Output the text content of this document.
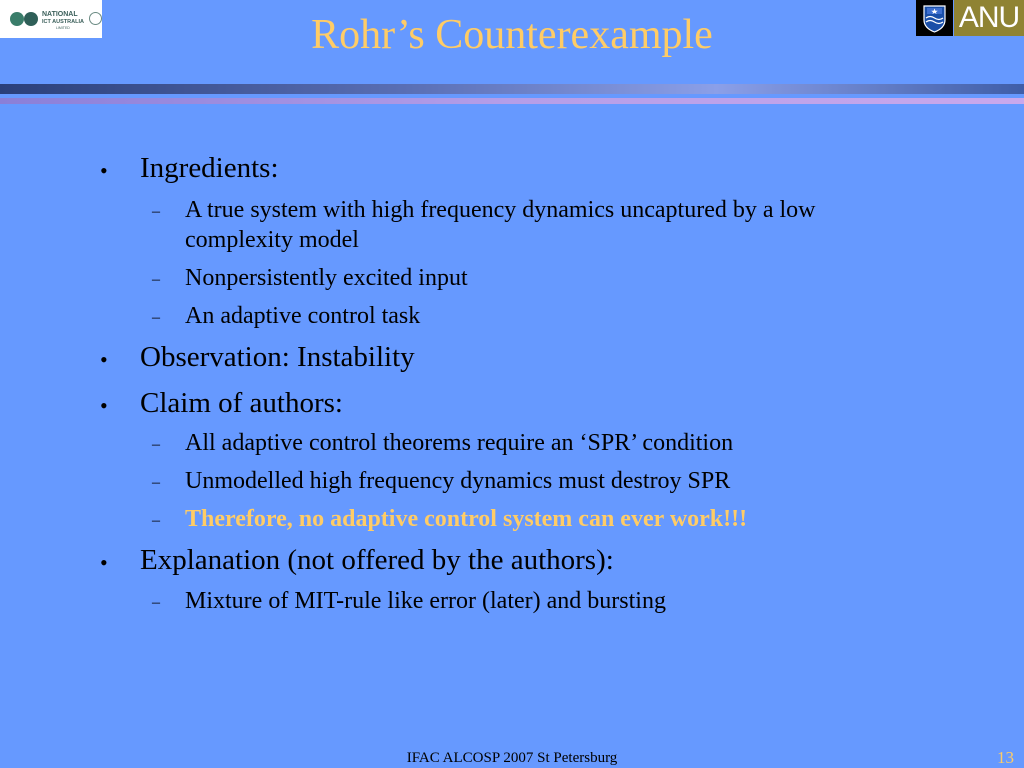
NATIONAL
ICT AUSTRALIA
LIMITED	Rohr’s Counterexample	ANU
• Ingredients:
– A true system with high frequency dynamics uncaptured by a low
complexity model
– Nonpersistently excited input
– An adaptive control task
• Observation: Instability
• Claim of authors:
– All adaptive control theorems require an ‘SPR’ condition
– Unmodelled high frequency dynamics must destroy SPR
– Therefore, no adaptive control system can ever work!!!
• Explanation (not offered by the authors):
– Mixture of MIT-rule like error (later) and bursting
IFAC ALCOSP 2007 St Petersburg	13
